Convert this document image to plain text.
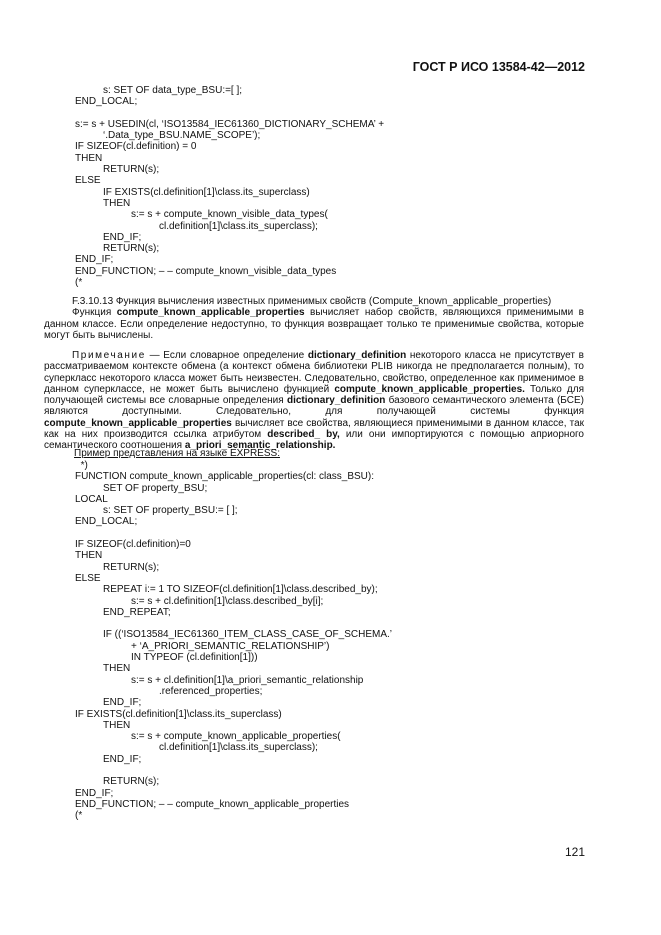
ГОСТ Р ИСО 13584-42—2012
s: SET OF data_type_BSU:=[ ];
END_LOCAL;
s:= s + USEDIN(cl, ‘ISO13584_IEC61360_DICTIONARY_SCHEMA’ +
‘.Data_type_BSU.NAME_SCOPE’);
IF SIZEOF(cl.definition) = 0
THEN
RETURN(s);
ELSE
IF EXISTS(cl.definition[1]\class.its_superclass)
THEN
s:= s + compute_known_visible_data_types(
cl.definition[1]\class.its_superclass);
END_IF;
RETURN(s);
END_IF;
END_FUNCTION; – – compute_known_visible_data_types
(*
F.3.10.13 Функция вычисления известных применимых свойств (Compute_known_applicable_properties)

Функция compute_known_applicable_properties вычисляет набор свойств, являющихся применимыми в данном классе. Если определение недоступно, то функция возвращает только те применимые свойства, которые могут быть вычислены.

Примечание — Если словарное определение dictionary_definition некоторого класса не присутствует в рассматриваемом контексте обмена (а контекст обмена библиотеки PLIB никогда не предполагается полным), то суперкласс некоторого класса может быть неизвестен. Следовательно, свойство, определенное как применимое в данном суперклассе, не может быть вычислено функцией compute_known_applicable_properties. Только для получающей системы все словарные определения dictionary_definition базового семантического элемента (БСЕ) являются доступными. Следовательно, для получающей системы функция compute_known_applicable_properties вычисляет все свойства, являющиеся применимыми в данном классе, так как на них производится ссылка атрибутом described_ by, или они импортируются с помощью априорного семантического соотношения a_priori_semantic_relationship.

Пример представления на языке EXPRESS:
*)
FUNCTION compute_known_applicable_properties(cl: class_BSU):
SET OF property_BSU;
LOCAL
s: SET OF property_BSU:= [ ];
END_LOCAL;
IF SIZEOF(cl.definition)=0
THEN
RETURN(s);
ELSE
REPEAT i:= 1 TO SIZEOF(cl.definition[1]\class.described_by);
s:= s + cl.definition[1]\class.described_by[i];
END_REPEAT;
IF ((‘ISO13584_IEC61360_ITEM_CLASS_CASE_OF_SCHEMA.’
+ ‘A_PRIORI_SEMANTIC_RELATIONSHIP’)
IN TYPEOF (cl.definition[1]))
THEN
s:= s + cl.definition[1]\a_priori_semantic_relationship
.referenced_properties;
END_IF;
IF EXISTS(cl.definition[1]\class.its_superclass)
THEN
s:= s + compute_known_applicable_properties(
cl.definition[1]\class.its_superclass);
END_IF;
RETURN(s);
END_IF;
END_FUNCTION; – – compute_known_applicable_properties
(*
121
